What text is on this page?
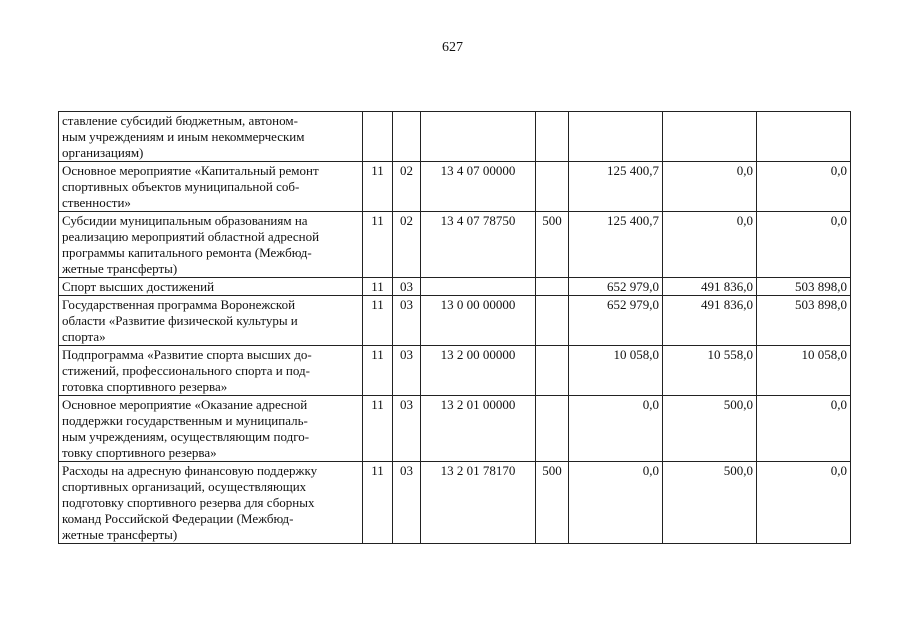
627
ставление субсидий бюджетным, автоном-
ным учреждениям и иным некоммерческим
организациям)							
Основное мероприятие «Капитальный ремонт
спортивных объектов муниципальной соб-
ственности»	11	02	13 4 07 00000		125 400,7	0,0	0,0
Субсидии муниципальным образованиям на
реализацию мероприятий областной адресной
программы капитального ремонта (Межбюд-
жетные трансферты)	11	02	13 4 07 78750	500	125 400,7	0,0	0,0
Спорт высших достижений	11	03			652 979,0	491 836,0	503 898,0
Государственная программа Воронежской
области «Развитие физической культуры и
спорта»	11	03	13 0 00 00000		652 979,0	491 836,0	503 898,0
Подпрограмма «Развитие спорта высших до-
стижений, профессионального спорта и под-
готовка спортивного резерва»	11	03	13 2 00 00000		10 058,0	10 558,0	10 058,0
Основное мероприятие «Оказание адресной
поддержки государственным и муниципаль-
ным учреждениям, осуществляющим подго-
товку спортивного резерва»	11	03	13 2 01 00000		0,0	500,0	0,0
Расходы на адресную финансовую поддержку
спортивных организаций, осуществляющих
подготовку спортивного резерва для сборных
команд Российской Федерации (Межбюд-
жетные трансферты)	11	03	13 2 01 78170	500	0,0	500,0	0,0
